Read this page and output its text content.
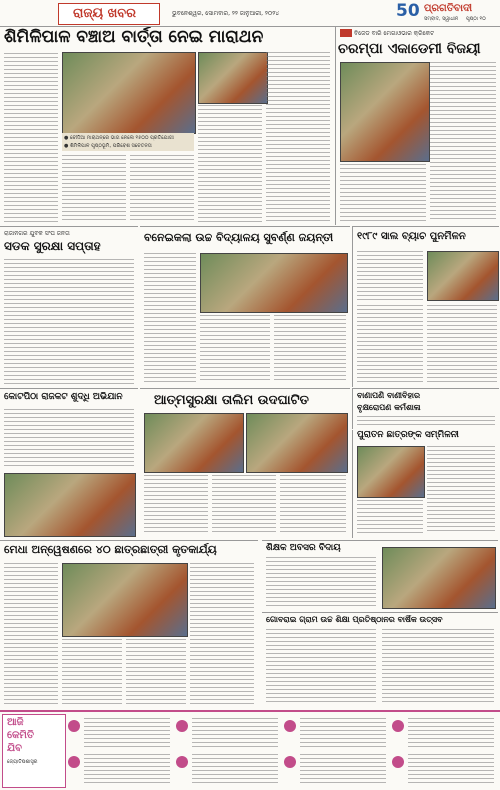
ରାଜ୍ୟ ଖବର	ଭୁବନେଶ୍ୱର, ସୋମବାର, ୨୨ ଜାନୁଆରୀ, ୨୦୨୪	50 ପ୍ରଗତିବାଦୀ
ସମ୍ବାଦ, ସ୍ୱାଧୀନ ପୃଷ୍ଠା ୧୦
ଶିମିଳିପାଳ ବଞ୍ଚାଅ ବାର୍ତ୍ତା ନେଇ ମାରାଥନ
● ଚୌଦ୍ଦିଆ ମାରାଥନ୍‌ରେ ଭାଗ ନେଲେ ୧୫୦୦ ପ୍ରତିଯୋଗୀ
● ଶିମିଳିପାଳ ପୃଷ୍ଠଭୂମି, ପରିବେଶ ସଚେତନତା
ବିଜେଡ ବାରି ମେଗାଓଭାର କ୍ରିକେଟ
ଚରମ୍ପା ଏକାଡେମୀ ବିଜୟୀ
ରାଜାନଗର ଯୁବକ ସଂଘ ଜନତା
ସଡକ ସୁରକ୍ଷା ସପ୍ତାହ
ବନେଇକଲା ଉଚ୍ଚ ବିଦ୍ୟାଳୟ ସୁବର୍ଣ୍ଣ ଜୟନ୍ତୀ	୧୯୮୯ ସାଲ ବ୍ୟାଚ ପୁନର୍ମିଳନ
କୋଟପିଠା ରାଜକଟ ଶୁଦ୍ଧି ଅଭିଯାନ	ଆତ୍ମସୁରକ୍ଷା ତାଲିମ ଉଦଘାଟିତ	ବାଣାପଣି ବାଣୀବିହାର
ବୃକ୍ଷରୋପଣ କର୍ମଶାଳା
ପୁରାତନ ଛାତ୍ରଙ୍କ ସମ୍ମିଳନୀ
ଶିକ୍ଷକ ଅବସର ବିଦାୟ
ମେଧା ଅନ୍ୱେଷଣରେ ୪୦ ଛାତ୍ରଛାତ୍ରୀ କୃତକାର୍ଯ୍ୟ
ଗୋବରାଇ ଗ୍ରାମ ଉଚ୍ଚ ଶିକ୍ଷା ପ୍ରତିଷ୍ଠାନର ବାର୍ଷିକ ଉତ୍ସବ
ଆଜି
କେମିତି
ଯିବ
ଜ୍ୟୋତିଷଶାସ୍ତ୍ର
